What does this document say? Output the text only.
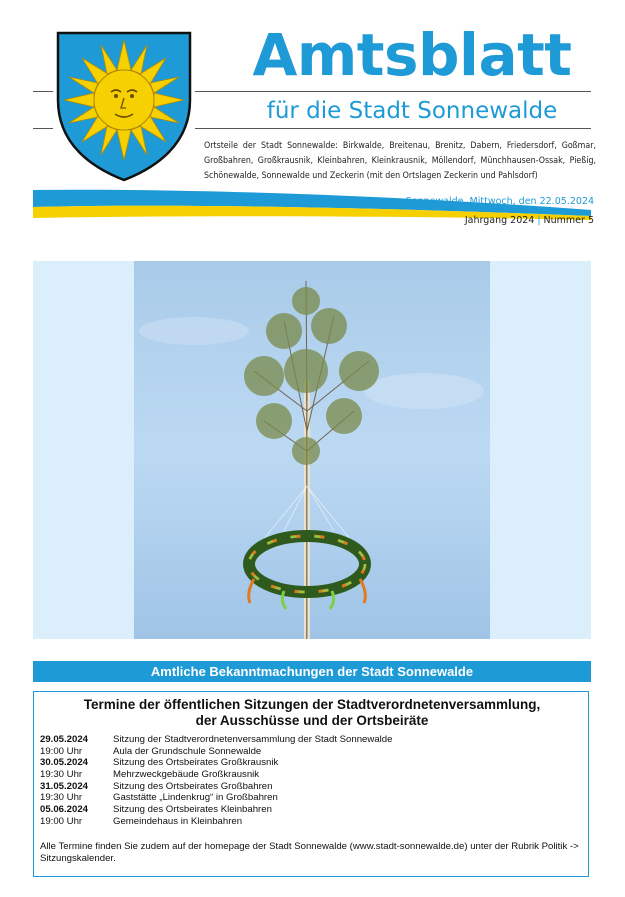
Amtsblatt
für die Stadt Sonnewalde
Ortsteile der Stadt Sonnewalde: Birkwalde, Breitenau, Brenitz, Dabern, Friedersdorf, Goßmar, Großbahren, Großkrausnik, Kleinbahren, Kleinkrausnik, Möllendorf, Münchhausen-Ossak, Pießig, Schönewalde, Sonnewalde und Zeckerin (mit den Ortslagen Zeckerin und Pahlsdorf)
Sonnewalde, Mittwoch, den 22.05.2024
Jahrgang 2024 | Nummer 5
Amtliche Bekanntmachungen der Stadt Sonnewalde
Termine der öffentlichen Sitzungen der Stadtverordnetenversammlung,
der Ausschüsse und der Ortsbeiräte
29.05.2024	Sitzung der Stadtverordnetenversammlung der Stadt Sonnewalde
19:00 Uhr	Aula der Grundschule Sonnewalde
30.05.2024	Sitzung des Ortsbeirates Großkrausnik
19:30 Uhr	Mehrzweckgebäude Großkrausnik
31.05.2024	Sitzung des Ortsbeirates Großbahren
19:30 Uhr	Gaststätte „Lindenkrug“ in Großbahren
05.06.2024	Sitzung des Ortsbeirates Kleinbahren
19:00 Uhr	Gemeindehaus in Kleinbahren
Alle Termine finden Sie zudem auf der homepage der Stadt Sonnewalde (www.stadt-sonnewalde.de) unter der Rubrik Politik -> Sitzungskalender.
